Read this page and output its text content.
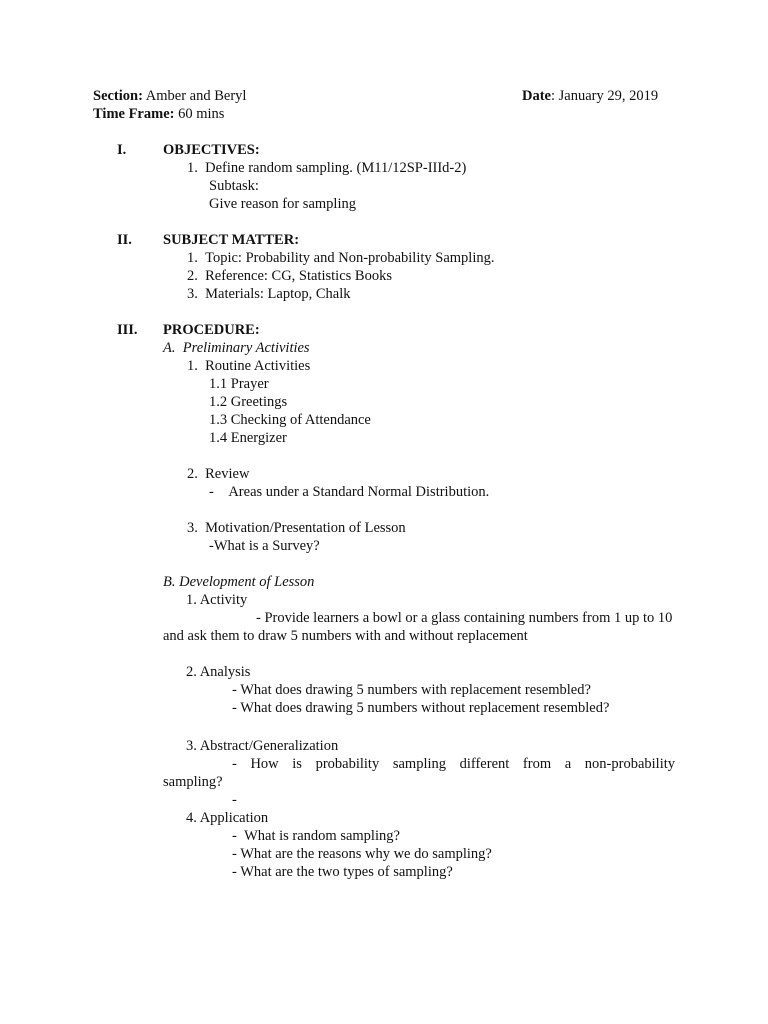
Section: Amber and Beryl	Date: January 29, 2019
Time Frame: 60 mins
I.	OBJECTIVES:
1.  Define random sampling. (M11/12SP-IIId-2)
Subtask:
Give reason for sampling
II. SUBJECT MATTER:
1.  Topic: Probability and Non-probability Sampling.
2.  Reference: CG, Statistics Books
3.  Materials: Laptop, Chalk
III. PROCEDURE:
A.  Preliminary Activities
1.  Routine Activities
1.1 Prayer
1.2 Greetings
1.3 Checking of Attendance
1.4 Energizer
2.  Review
-    Areas under a Standard Normal Distribution.
3.  Motivation/Presentation of Lesson
-What is a Survey?
B. Development of Lesson
1. Activity
- Provide learners a bowl or a glass containing numbers from 1 up to 10
and ask them to draw 5 numbers with and without replacement
2. Analysis
- What does drawing 5 numbers with replacement resembled?
- What does drawing 5 numbers without replacement resembled?
3. Abstract/Generalization
- How is probability sampling different from a non-probability
sampling?
-
4. Application
-  What is random sampling?
- What are the reasons why we do sampling?
- What are the two types of sampling?
